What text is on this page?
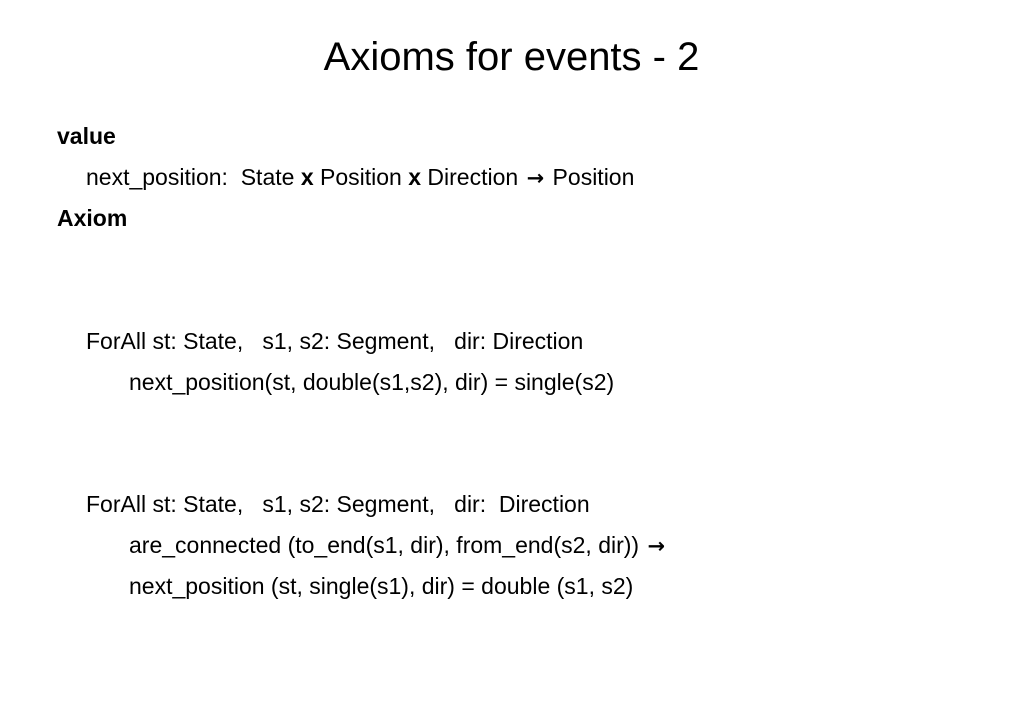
Axioms for events - 2
value
next_position:  State x Position x Direction → Position
Axiom
ForAll st: State,   s1, s2: Segment,   dir: Direction
next_position(st, double(s1,s2), dir) = single(s2)
ForAll st: State,   s1, s2: Segment,   dir:  Direction
are_connected (to_end(s1, dir), from_end(s2, dir)) →
next_position (st, single(s1), dir) = double (s1, s2)
